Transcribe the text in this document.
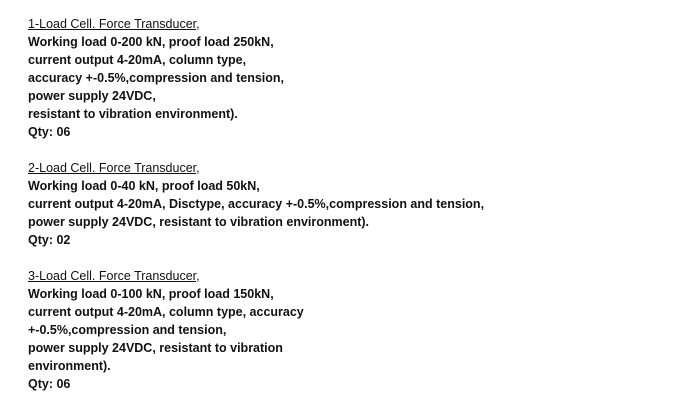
1-Load Cell. Force Transducer,
Working load 0-200 kN, proof load 250kN,
current output 4-20mA, column type,
accuracy +-0.5%,compression and tension,
power supply 24VDC,
resistant to vibration environment).
Qty: 06
2-Load Cell. Force Transducer,
Working load 0-40 kN, proof load 50kN,
current output 4-20mA, Disctype, accuracy +-0.5%,compression and tension,
power supply 24VDC, resistant to vibration environment).
Qty: 02
3-Load Cell. Force Transducer,
Working load 0-100 kN, proof load 150kN,
current output 4-20mA, column type, accuracy
+-0.5%,compression and tension,
power supply 24VDC, resistant to vibration
environment).
Qty: 06
